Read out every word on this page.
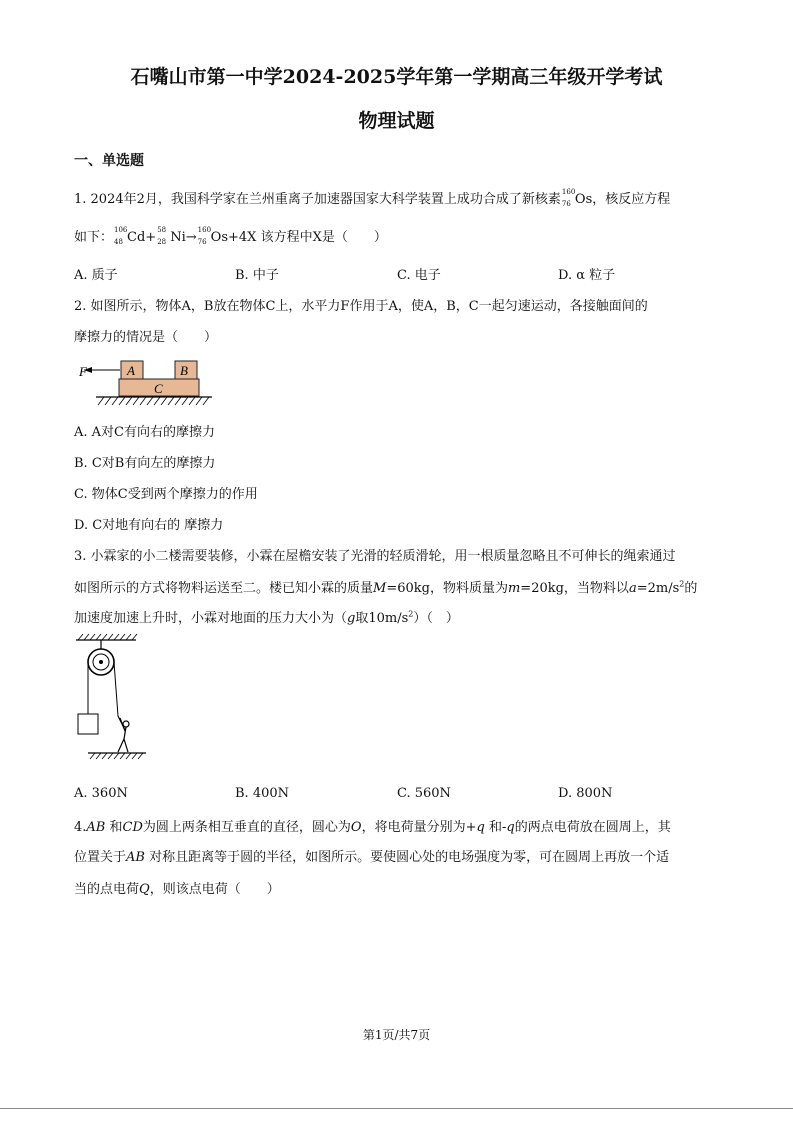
石嘴山市第一中学2024-2025学年第一学期高三年级开学考试
物理试题
一、单选题
1. 2024年2月，我国科学家在兰州重离子加速器国家大科学装置上成功合成了新核素 160
76 Os，核反应方程
如下： 106
48 Cd+ 58
28 Ni→ 160
76 Os+4X 该方程中X是（　　）
A. 质子	B. 中子	C. 电子	D. α 粒子
2. 如图所示，物体A，B放在物体C上，水平力F作用于A，使A，B，C一起匀速运动，各接触面间的
摩擦力的情况是（　　）
F	A	B
C
A. A对C有向右的摩擦力
B. C对B有向左的摩擦力
C. 物体C受到两个摩擦力的作用
D. C对地有向右的 摩擦力
3. 小霖家的小二楼需要装修，小霖在屋檐安装了光滑的轻质滑轮，用一根质量忽略且不可伸长的绳索通过
如图所示的方式将物料运送至二。楼已知小霖的质量M=60kg，物料质量为m=20kg，当物料以$a=2m/s^2$的
加速度加速上升时，小霖对地面的压力大小为（g取$10m/s^2$）（　）
A. 360N	B. 400N	C. 560N	D. 800N
4.AB 和CD为圆上两条相互垂直的直径，圆心为O，将电荷量分别为+q 和-q的两点电荷放在圆周上，其
位置关于AB 对称且距离等于圆的半径，如图所示。要使圆心处的电场强度为零，可在圆周上再放一个适
当的点电荷Q，则该点电荷（　　）
第1页/共7页
